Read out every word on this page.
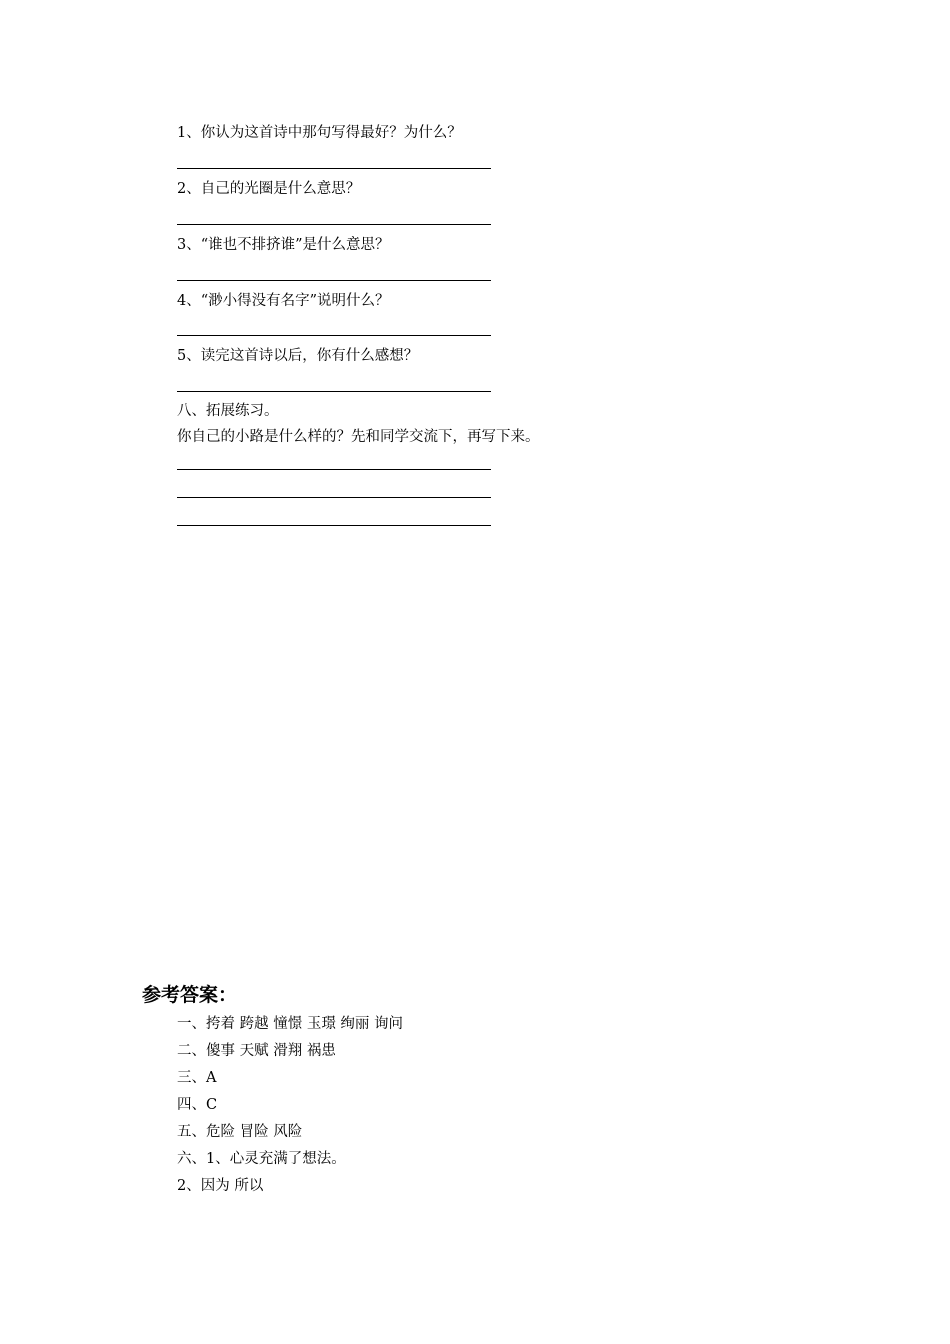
1、你认为这首诗中那句写得最好？为什么？
2、自己的光圈是什么意思？
3、“谁也不排挤谁”是什么意思？
4、“渺小得没有名字”说明什么？
5、读完这首诗以后，你有什么感想？
八、拓展练习。
你自己的小路是什么样的？先和同学交流下，再写下来。
参考答案：
一、挎着 跨越 憧憬 玉璟 绚丽 询问
二、傻事 天赋 滑翔 祸患
三、A
四、C
五、危险 冒险 风险
六、1、心灵充满了想法。
2、因为 所以
